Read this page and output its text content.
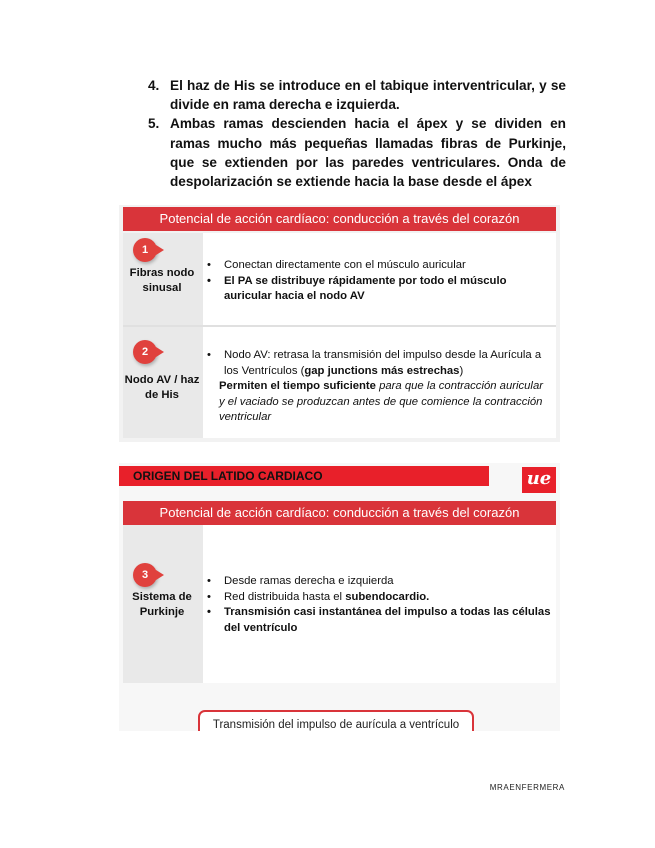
4. El haz de His se introduce en el tabique interventricular, y se divide en rama derecha e izquierda.

5. Ambas ramas descienden hacia el ápex y se dividen en ramas mucho más pequeñas llamadas fibras de Purkinje, que se extienden por las paredes ventriculares. Onda de despolarización se extiende hacia la base desde el ápex

Potencial de acción cardíaco: conducción a través del corazón
1
Fibras nodo sinusal
• Conectan directamente con el músculo auricular
• El PA se distribuye rápidamente por todo el músculo auricular hacia el nodo AV
2
Nodo AV / haz de His
• Nodo AV: retrasa la transmisión del impulso desde la Aurícula a los Ventrículos (gap junctions más estrechas)
Permiten el tiempo suficiente para que la contracción auricular y el vaciado se produzcan antes de que comience la contracción ventricular
ORIGEN DEL LATIDO CARDIACO	ue
Potencial de acción cardíaco: conducción a través del corazón
3
Sistema de Purkinje
• Desde ramas derecha e izquierda
• Red distribuida hasta el subendocardio.
• Transmisión casi instantánea del impulso a todas las células del ventrículo
Transmisión del impulso de aurícula a ventrículo
MRAENFERMERA
